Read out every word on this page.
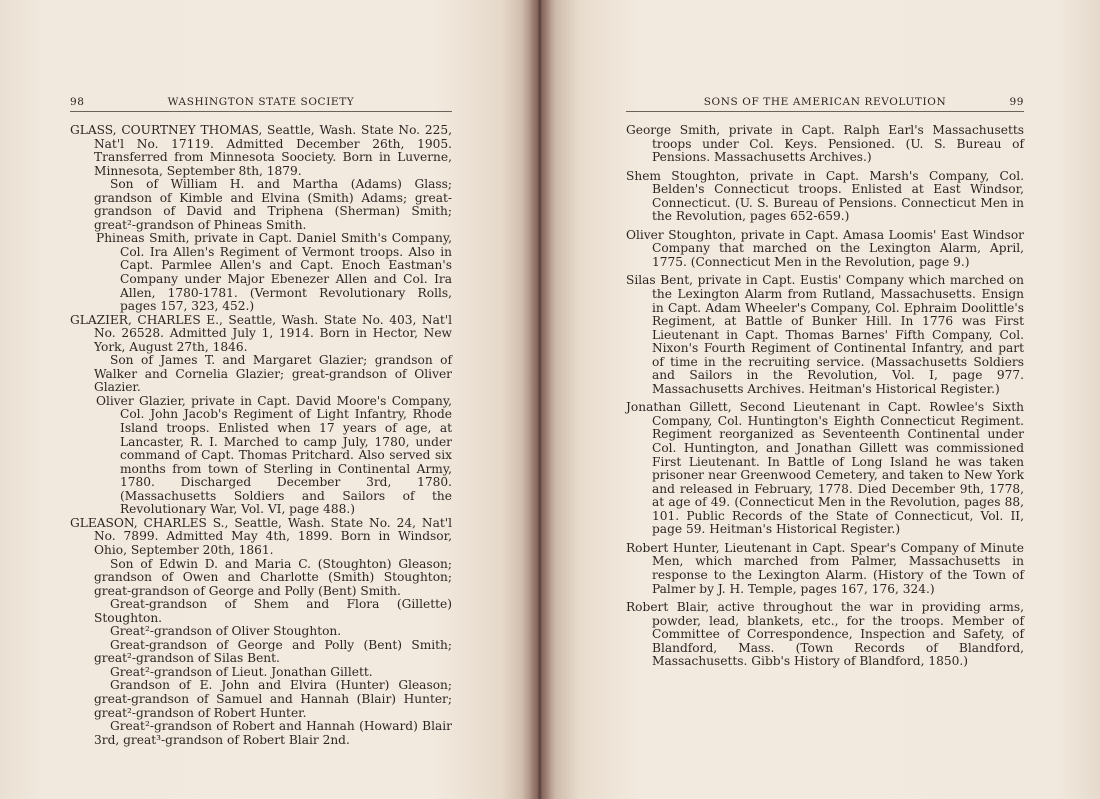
98	WASHINGTON STATE SOCIETY

GLASS, COURTNEY THOMAS, Seattle, Wash. State No. 225, Nat'l No. 17119. Admitted December 26th, 1905. Transferred from Minnesota Soociety. Born in Luverne, Minnesota, September 8th, 1879.

Son of William H. and Martha (Adams) Glass; grandson of Kimble and Elvina (Smith) Adams; great-grandson of David and Triphena (Sherman) Smith; great²-grandson of Phineas Smith.

Phineas Smith, private in Capt. Daniel Smith's Company, Col. Ira Allen's Regiment of Vermont troops. Also in Capt. Parmlee Allen's and Capt. Enoch Eastman's Company under Major Ebenezer Allen and Col. Ira Allen, 1780-1781. (Vermont Revolutionary Rolls, pages 157, 323, 452.)

GLAZIER, CHARLES E., Seattle, Wash. State No. 403, Nat'l No. 26528. Admitted July 1, 1914. Born in Hector, New York, August 27th, 1846.

Son of James T. and Margaret Glazier; grandson of Walker and Cornelia Glazier; great-grandson of Oliver Glazier.

Oliver Glazier, private in Capt. David Moore's Company, Col. John Jacob's Regiment of Light Infantry, Rhode Island troops. Enlisted when 17 years of age, at Lancaster, R. I. Marched to camp July, 1780, under command of Capt. Thomas Pritchard. Also served six months from town of Sterling in Continental Army, 1780. Discharged December 3rd, 1780. (Massachusetts Soldiers and Sailors of the Revolutionary War, Vol. VI, page 488.)

GLEASON, CHARLES S., Seattle, Wash. State No. 24, Nat'l No. 7899. Admitted May 4th, 1899. Born in Windsor, Ohio, September 20th, 1861.

Son of Edwin D. and Maria C. (Stoughton) Gleason; grandson of Owen and Charlotte (Smith) Stoughton; great-grandson of George and Polly (Bent) Smith.

Great-grandson of Shem and Flora (Gillette) Stoughton.

Great²-grandson of Oliver Stoughton.

Great-grandson of George and Polly (Bent) Smith; great²-grandson of Silas Bent.

Great²-grandson of Lieut. Jonathan Gillett.

Grandson of E. John and Elvira (Hunter) Gleason; great-grandson of Samuel and Hannah (Blair) Hunter; great²-grandson of Robert Hunter.

Great²-grandson of Robert and Hannah (Howard) Blair 3rd, great³-grandson of Robert Blair 2nd.

SONS OF THE AMERICAN REVOLUTION	99

George Smith, private in Capt. Ralph Earl's Massachusetts troops under Col. Keys. Pensioned. (U. S. Bureau of Pensions. Massachusetts Archives.)

Shem Stoughton, private in Capt. Marsh's Company, Col. Belden's Connecticut troops. Enlisted at East Windsor, Connecticut. (U. S. Bureau of Pensions. Connecticut Men in the Revolution, pages 652-659.)

Oliver Stoughton, private in Capt. Amasa Loomis' East Windsor Company that marched on the Lexington Alarm, April, 1775. (Connecticut Men in the Revolution, page 9.)

Silas Bent, private in Capt. Eustis' Company which marched on the Lexington Alarm from Rutland, Massachusetts. Ensign in Capt. Adam Wheeler's Company, Col. Ephraim Doolittle's Regiment, at Battle of Bunker Hill. In 1776 was First Lieutenant in Capt. Thomas Barnes' Fifth Company, Col. Nixon's Fourth Regiment of Continental Infantry, and part of time in the recruiting service. (Massachusetts Soldiers and Sailors in the Revolution, Vol. I, page 977. Massachusetts Archives. Heitman's Historical Register.)

Jonathan Gillett, Second Lieutenant in Capt. Rowlee's Sixth Company, Col. Huntington's Eighth Connecticut Regiment. Regiment reorganized as Seventeenth Continental under Col. Huntington, and Jonathan Gillett was commissioned First Lieutenant. In Battle of Long Island he was taken prisoner near Greenwood Cemetery, and taken to New York and released in February, 1778. Died December 9th, 1778, at age of 49. (Connecticut Men in the Revolution, pages 88, 101. Public Records of the State of Connecticut, Vol. II, page 59. Heitman's Historical Register.)

Robert Hunter, Lieutenant in Capt. Spear's Company of Minute Men, which marched from Palmer, Massachusetts in response to the Lexington Alarm. (History of the Town of Palmer by J. H. Temple, pages 167, 176, 324.)

Robert Blair, active throughout the war in providing arms, powder, lead, blankets, etc., for the troops. Member of Committee of Correspondence, Inspection and Safety, of Blandford, Mass. (Town Records of Blandford, Massachusetts. Gibb's History of Blandford, 1850.)
